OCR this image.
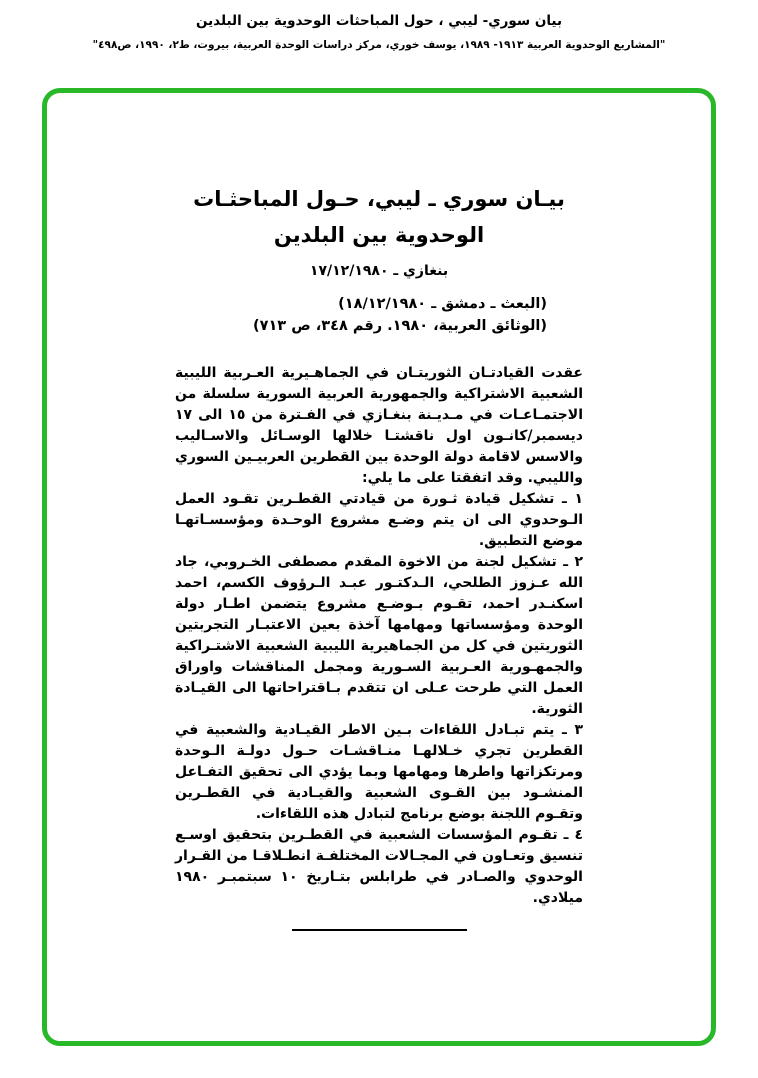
بيان سوري- ليبي ، حول المباحثات الوحدوية بين البلدين
"المشاريع الوحدوية العربية ١٩١٣- ١٩٨٩، يوسف خوري، مركز دراسات الوحدة العربية، بيروت، ط٢، ١٩٩٠، ص٤٩٨"
بيـان سوري ـ ليبي، حـول المباحثـات
الوحدوية بين البلدين
بنغازي ـ ١٧/١٢/١٩٨٠
(البعث ـ دمشق ـ ١٨/١٢/١٩٨٠)
(الوثائق العربية، ١٩٨٠. رقم ٣٤٨، ص ٧١٣)

عقدت القيادتـان الثوريتـان في الجماهـيرية العـربية الليبية الشعبية الاشتراكية والجمهورية العربية السورية سلسلة من الاجتمـاعـات في مـديـنة بنغـازي في الفـترة من ١٥ الى ١٧ ديسمبر/كانـون اول ناقشتـا خلالها الوسـائل والاسـاليب والاسس لاقامة دولة الوحدة بين القطرين العربيـين السوري والليبي. وقد اتفقتا على ما يلي:

١ ـ تشكيل قيادة ثـورة من قيادتي القطـرين تقـود العمل الـوحدوي الى ان يتم وضـع مشروع الوحـدة ومؤسسـاتهـا موضع التطبيق.

٢ ـ تشكيل لجنة من الاخوة المقدم مصطفى الخـروبي، جاد الله عـزوز الطلحي، الـدكتـور عبـد الـرؤوف الكسم، احمد اسكنـدر احمد، تقـوم بـوضـع مشروع يتضمن اطـار دولة الوحدة ومؤسساتها ومهامها آخذة بعين الاعتبـار التجربتين الثوريتين في كل من الجماهيرية الليبية الشعبية الاشتـراكية والجمهـورية العـربية السـورية ومجمل المناقشات واوراق العمل التي طرحت عـلى ان تتقدم بـاقتراحاتها الى القيـادة الثورية.

٣ ـ يتم تبـادل اللقاءات بـين الاطر القيـادية والشعبية في القطرين تجري خـلالهـا منـاقشـات حـول دولـة الـوحدة ومرتكزاتها واطرها ومهامها وبما يؤدي الى تحقيق التفـاعل المنشـود بين القـوى الشعبية والقيـادية في القطـرين وتقـوم اللجنة بوضع برنامج لتبادل هذه اللقاءات.

٤ ـ تقـوم المؤسسات الشعبية في القطـرين بتحقيق اوسـع تنسيق وتعـاون في المجـالات المختلفـة انطـلاقـا من القـرار الوحدوي والصـادر في طرابلس بتـاريخ ١٠ سبتمبـر ١٩٨٠ ميلادي.
